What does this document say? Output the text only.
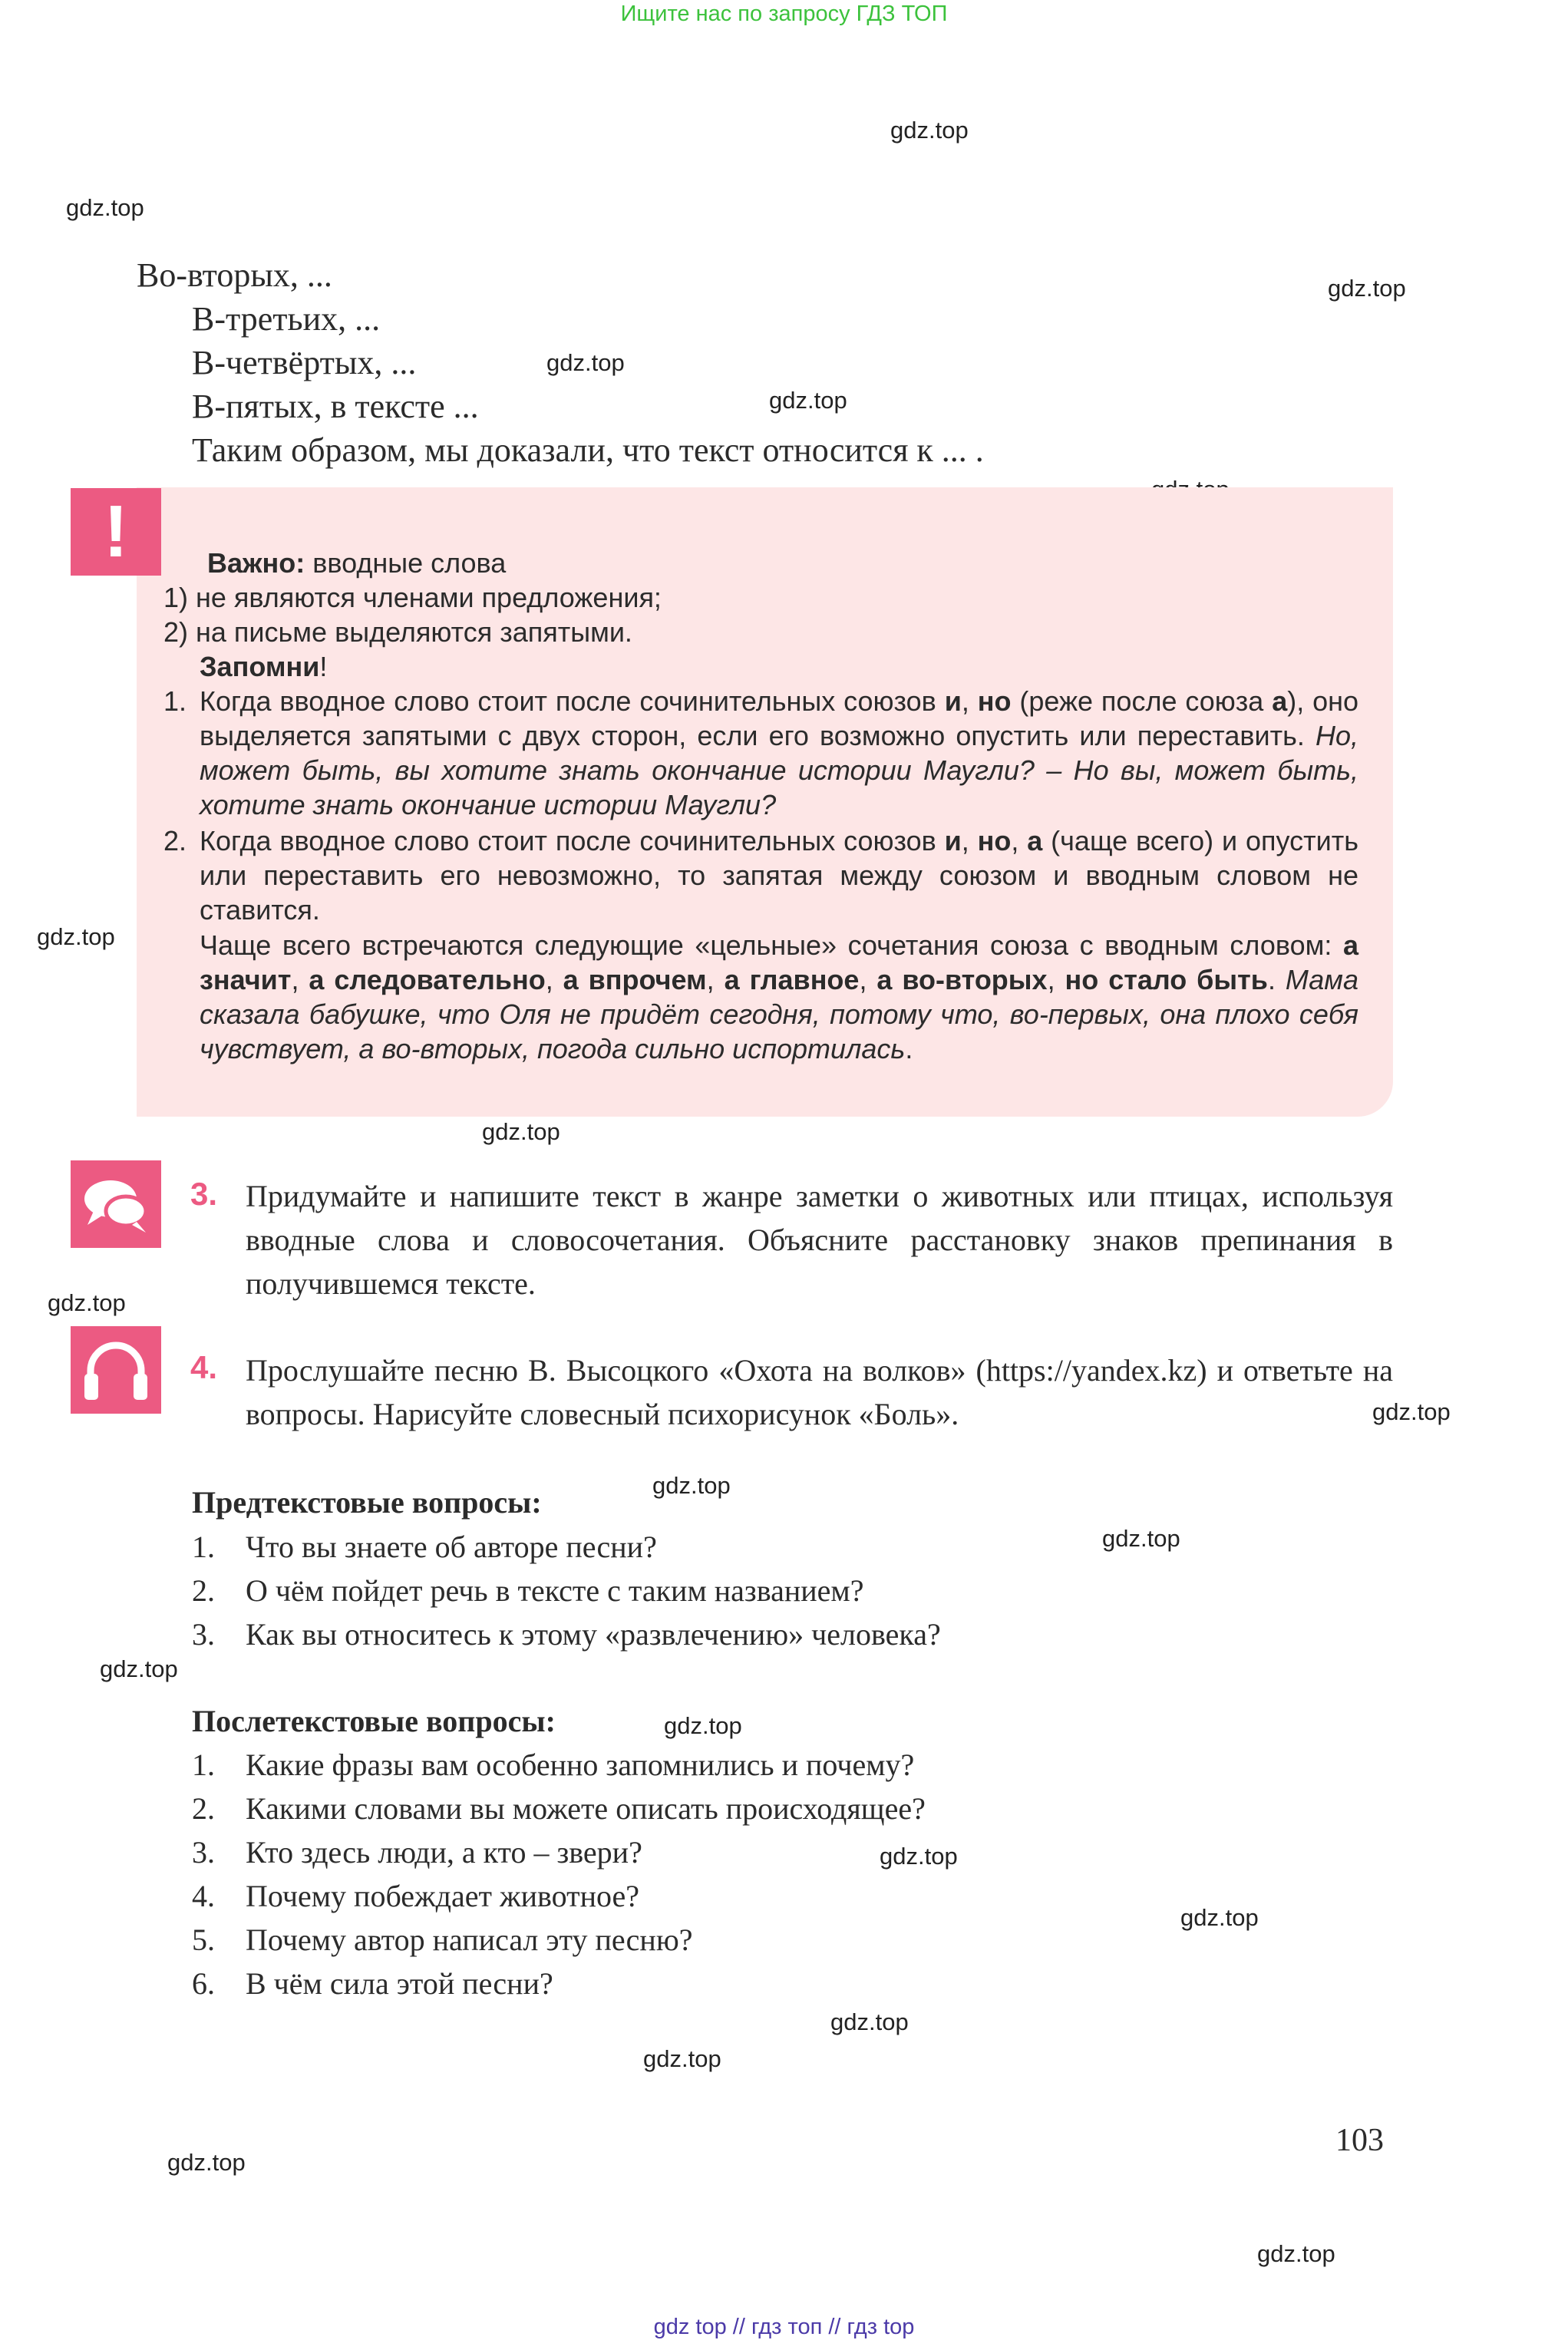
Ищите нас по запросу ГДЗ ТОП
gdz.top
gdz.top
gdz.top
gdz.top
gdz.top
gdz.top
gdz.top
gdz.top
gdz.top
gdz.top
gdz.top
gdz.top
gdz.top
gdz.top
gdz.top
gdz.top
gdz.top
gdz.top
gdz.top
Во-вторых, ...
В-третьих, ...
В-четвёртых, ...
В-пятых, в тексте ...
Таким образом, мы доказали, что текст относится к ... .
!	Важно: вводные слова
1) не являются членами предложения;
2) на письме выделяются запятыми.
Запомни!
1. Когда вводное слово стоит после сочинительных союзов и, но (реже после союза а), оно выделяется запятыми с двух сторон, если его возможно опустить или переставить. Но, может быть, вы хотите знать окончание истории Маугли? – Но вы, может быть, хотите знать окончание истории Маугли?
2. Когда вводное слово стоит после сочинительных союзов и, но, а (чаще всего) и опустить или переставить его невозможно, то запятая между союзом и вводным словом не ставится.
Чаще всего встречаются следующие «цельные» сочетания союза с вводным словом: а значит, а следовательно, а впрочем, а главное, а во-вторых, но стало быть. Мама сказала бабушке, что Оля не придёт сегодня, потому что, во-первых, она плохо себя чувствует, а во-вторых, погода сильно испортилась.
3. Придумайте и напишите текст в жанре заметки о животных или птицах, используя вводные слова и словосочетания. Объясните расстановку знаков препинания в получившемся тексте.
4. Прослушайте песню В. Высоцкого «Охота на волков» (https://yandex.kz) и ответьте на вопросы. Нарисуйте словесный психорисунок «Боль».
Предтекстовые вопросы:
1. Что вы знаете об авторе песни?
2. О чём пойдет речь в тексте с таким названием?
3. Как вы относитесь к этому «развлечению» человека?
Послетекстовые вопросы:
1. Какие фразы вам особенно запомнились и почему?
2. Какими словами вы можете описать происходящее?
3. Кто здесь люди, а кто – звери?
4. Почему побеждает животное?
5. Почему автор написал эту песню?
6. В чём сила этой песни?
103
gdz top // гдз топ // гдз top
